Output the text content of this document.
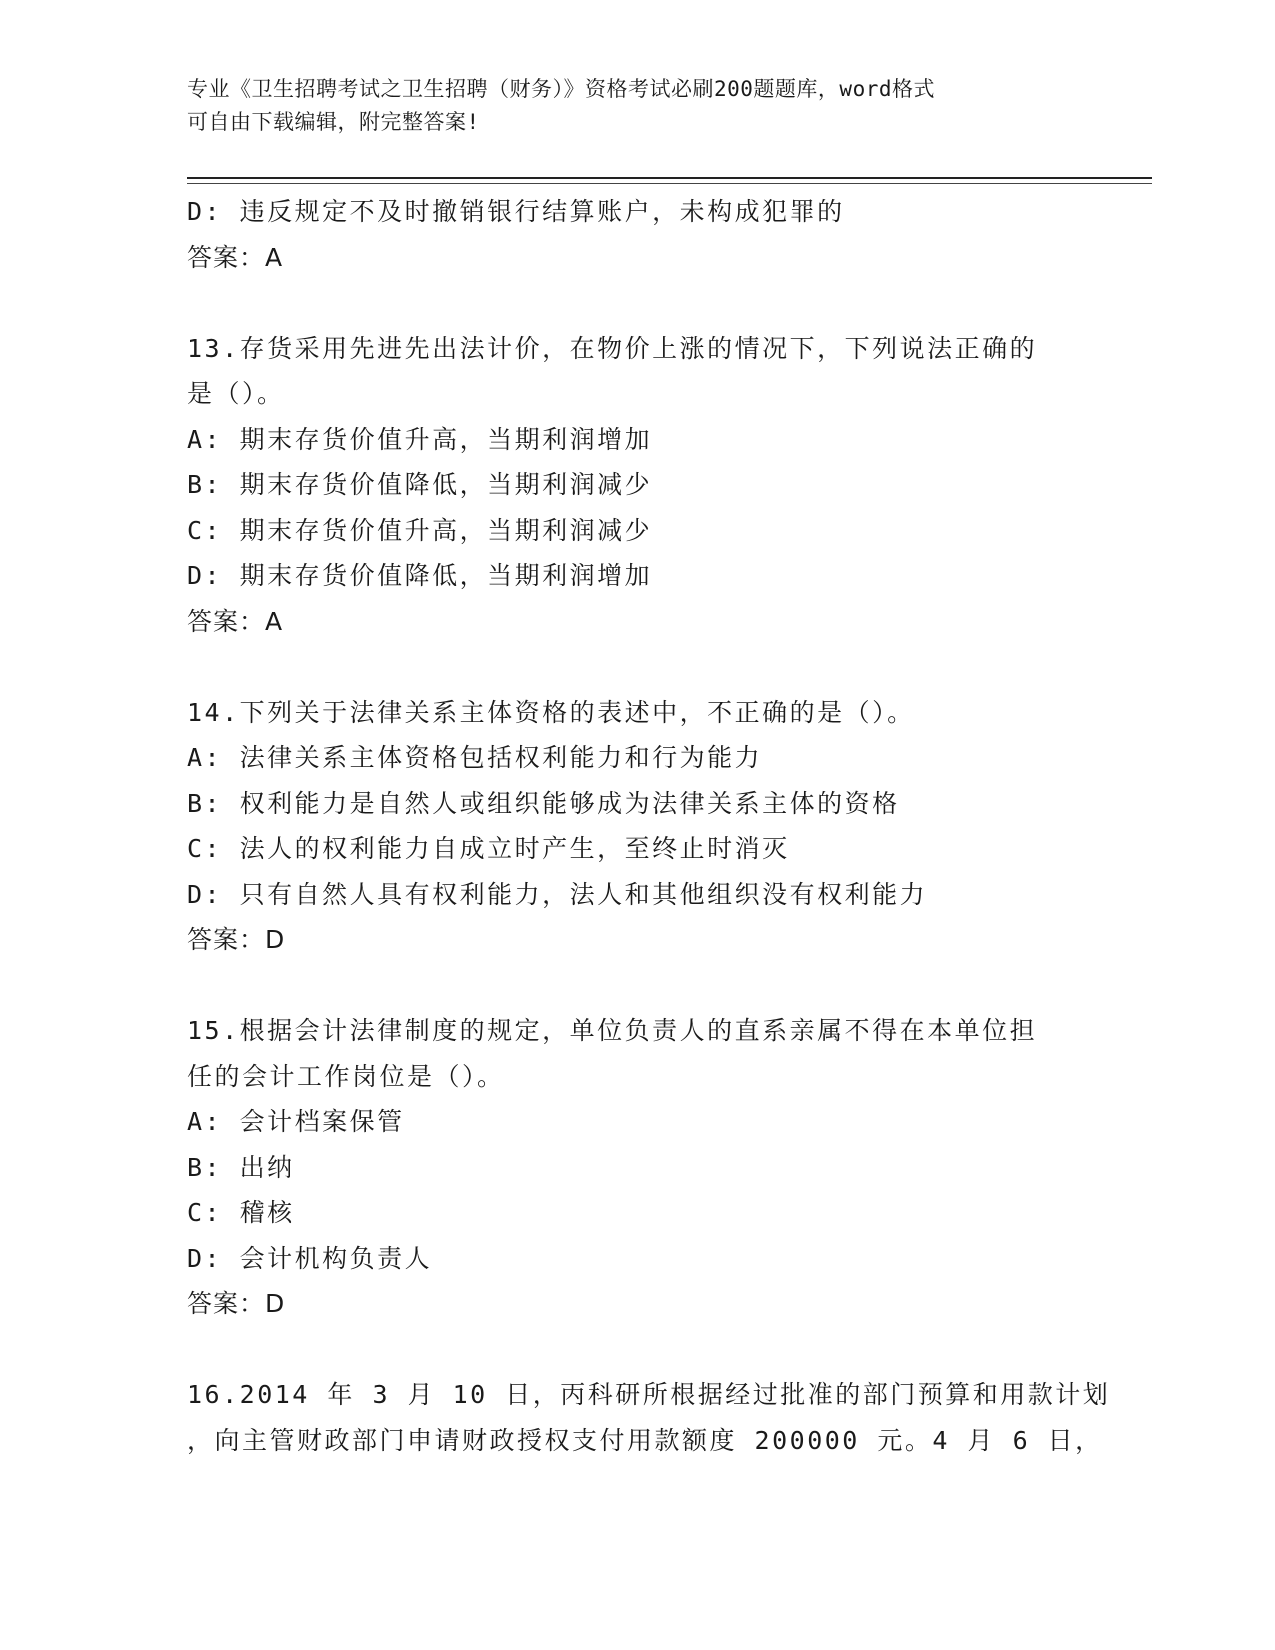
专业《卫生招聘考试之卫生招聘（财务）》资格考试必刷200题题库，word格式
可自由下载编辑，附完整答案!
D: 违反规定不及时撤销银行结算账户，未构成犯罪的
答案：A
13.存货采用先进先出法计价，在物价上涨的情况下，下列说法正确的
是（）。
A: 期末存货价值升高，当期利润增加
B: 期末存货价值降低，当期利润减少
C: 期末存货价值升高，当期利润减少
D: 期末存货价值降低，当期利润增加
答案：A
14.下列关于法律关系主体资格的表述中，不正确的是（）。
A: 法律关系主体资格包括权利能力和行为能力
B: 权利能力是自然人或组织能够成为法律关系主体的资格
C: 法人的权利能力自成立时产生，至终止时消灭
D: 只有自然人具有权利能力，法人和其他组织没有权利能力
答案：D
15.根据会计法律制度的规定，单位负责人的直系亲属不得在本单位担
任的会计工作岗位是（）。
A: 会计档案保管
B: 出纳
C: 稽核
D: 会计机构负责人
答案：D
16.2014 年 3 月 10 日，丙科研所根据经过批准的部门预算和用款计划
，向主管财政部门申请财政授权支付用款额度 200000 元。4 月 6 日，
